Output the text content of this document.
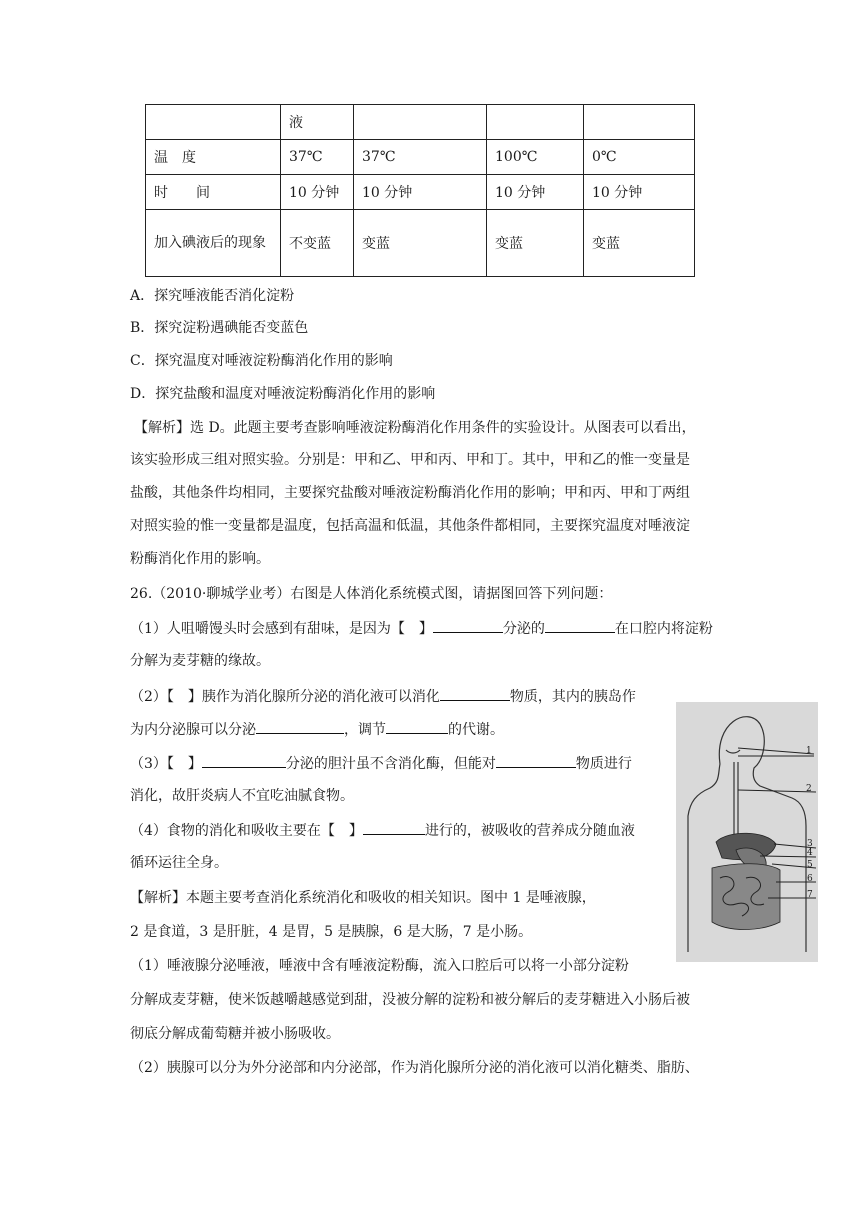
	液			
温　度	37℃	37℃	100℃	0℃
时　　间	10 分钟	10 分钟	10 分钟	10 分钟
加入碘液后的现象	不变蓝	变蓝	变蓝	变蓝
A．探究唾液能否消化淀粉
B．探究淀粉遇碘能否变蓝色
C．探究温度对唾液淀粉酶消化作用的影响
D．探究盐酸和温度对唾液淀粉酶消化作用的影响
【解析】选 D。此题主要考查影响唾液淀粉酶消化作用条件的实验设计。从图表可以看出，
该实验形成三组对照实验。分别是：甲和乙、甲和丙、甲和丁。其中，甲和乙的惟一变量是
盐酸，其他条件均相同，主要探究盐酸对唾液淀粉酶消化作用的影响；甲和丙、甲和丁两组
对照实验的惟一变量都是温度，包括高温和低温，其他条件都相同，主要探究温度对唾液淀
粉酶消化作用的影响。
26.（2010·聊城学业考）右图是人体消化系统模式图，请据图回答下列问题：
（1）人咀嚼馒头时会感到有甜味，是因为【　】	分泌的	在口腔内将淀粉
分解为麦芽糖的缘故。
（2）【　】胰作为消化腺所分泌的消化液可以消化	物质，其内的胰岛作
为内分泌腺可以分泌	，调节	的代谢。
（3）【　】	分泌的胆汁虽不含消化酶，但能对	物质进行
消化，故肝炎病人不宜吃油腻食物。
（4）食物的消化和吸收主要在【　】	进行的，被吸收的营养成分随血液
循环运往全身。
【解析】本题主要考查消化系统消化和吸收的相关知识。图中 1 是唾液腺，
2 是食道，3 是肝脏，4 是胃，5 是胰腺，6 是大肠，7 是小肠。
（1）唾液腺分泌唾液，唾液中含有唾液淀粉酶，流入口腔后可以将一小部分淀粉
分解成麦芽糖，使米饭越嚼越感觉到甜，没被分解的淀粉和被分解后的麦芽糖进入小肠后被
彻底分解成葡萄糖并被小肠吸收。
（2）胰腺可以分为外分泌部和内分泌部，作为消化腺所分泌的消化液可以消化糖类、脂肪、
1
2
3
4
5
6
7
